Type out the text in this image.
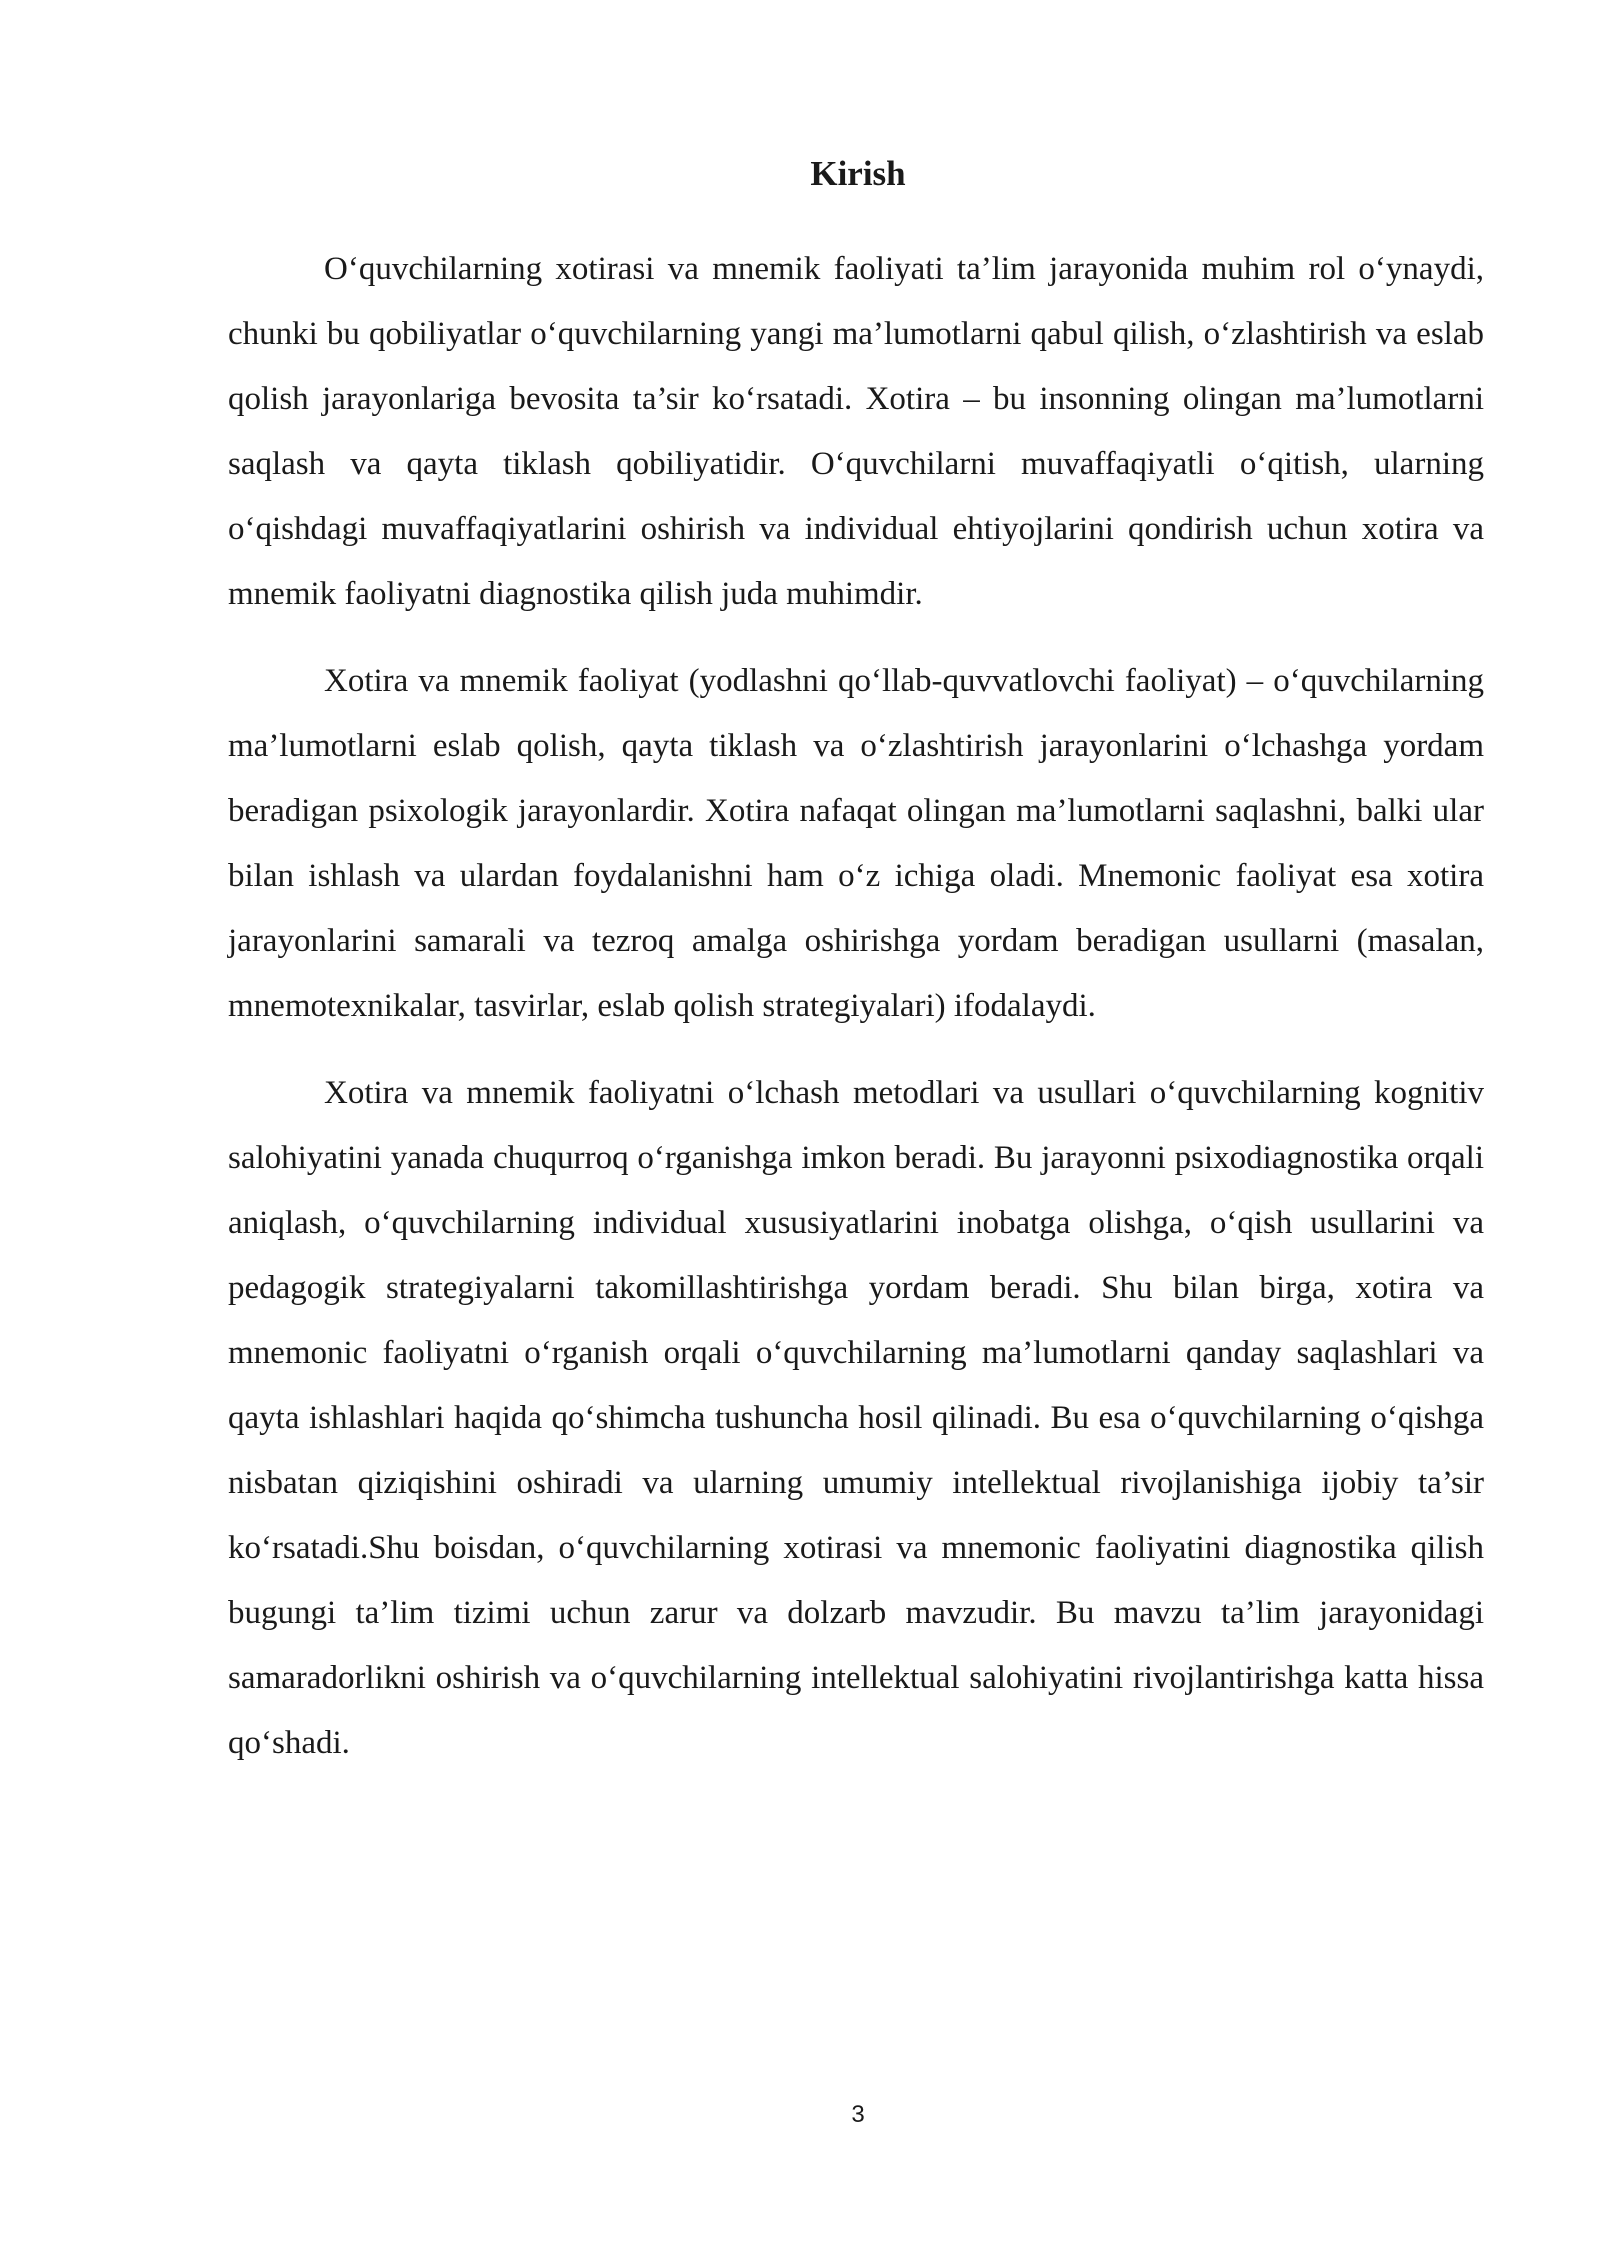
Kirish

O‘quvchilarning xotirasi va mnemik faoliyati ta’lim jarayonida muhim rol o‘ynaydi, chunki bu qobiliyatlar o‘quvchilarning yangi ma’lumotlarni qabul qilish, o‘zlashtirish va eslab qolish jarayonlariga bevosita ta’sir ko‘rsatadi. Xotira – bu insonning olingan ma’lumotlarni saqlash va qayta tiklash qobiliyatidir. O‘quvchilarni muvaffaqiyatli o‘qitish, ularning o‘qishdagi muvaffaqiyatlarini oshirish va individual ehtiyojlarini qondirish uchun xotira va mnemik faoliyatni diagnostika qilish juda muhimdir.

Xotira va mnemik faoliyat (yodlashni qo‘llab-quvvatlovchi faoliyat) – o‘quvchilarning ma’lumotlarni eslab qolish, qayta tiklash va o‘zlashtirish jarayonlarini o‘lchashga yordam beradigan psixologik jarayonlardir. Xotira nafaqat olingan ma’lumotlarni saqlashni, balki ular bilan ishlash va ulardan foydalanishni ham o‘z ichiga oladi. Mnemonic faoliyat esa xotira jarayonlarini samarali va tezroq amalga oshirishga yordam beradigan usullarni (masalan, mnemotexnikalar, tasvirlar, eslab qolish strategiyalari) ifodalaydi.

Xotira va mnemik faoliyatni o‘lchash metodlari va usullari o‘quvchilarning kognitiv salohiyatini yanada chuqurroq o‘rganishga imkon beradi. Bu jarayonni psixodiagnostika orqali aniqlash, o‘quvchilarning individual xususiyatlarini inobatga olishga, o‘qish usullarini va pedagogik strategiyalarni takomillashtirishga yordam beradi. Shu bilan birga, xotira va mnemonic faoliyatni o‘rganish orqali o‘quvchilarning ma’lumotlarni qanday saqlashlari va qayta ishlashlari haqida qo‘shimcha tushuncha hosil qilinadi. Bu esa o‘quvchilarning o‘qishga nisbatan qiziqishini oshiradi va ularning umumiy intellektual rivojlanishiga ijobiy ta’sir ko‘rsatadi.Shu boisdan, o‘quvchilarning xotirasi va mnemonic faoliyatini diagnostika qilish bugungi ta’lim tizimi uchun zarur va dolzarb mavzudir. Bu mavzu ta’lim jarayonidagi samaradorlikni oshirish va o‘quvchilarning intellektual salohiyatini rivojlantirishga katta hissa qo‘shadi.

3
